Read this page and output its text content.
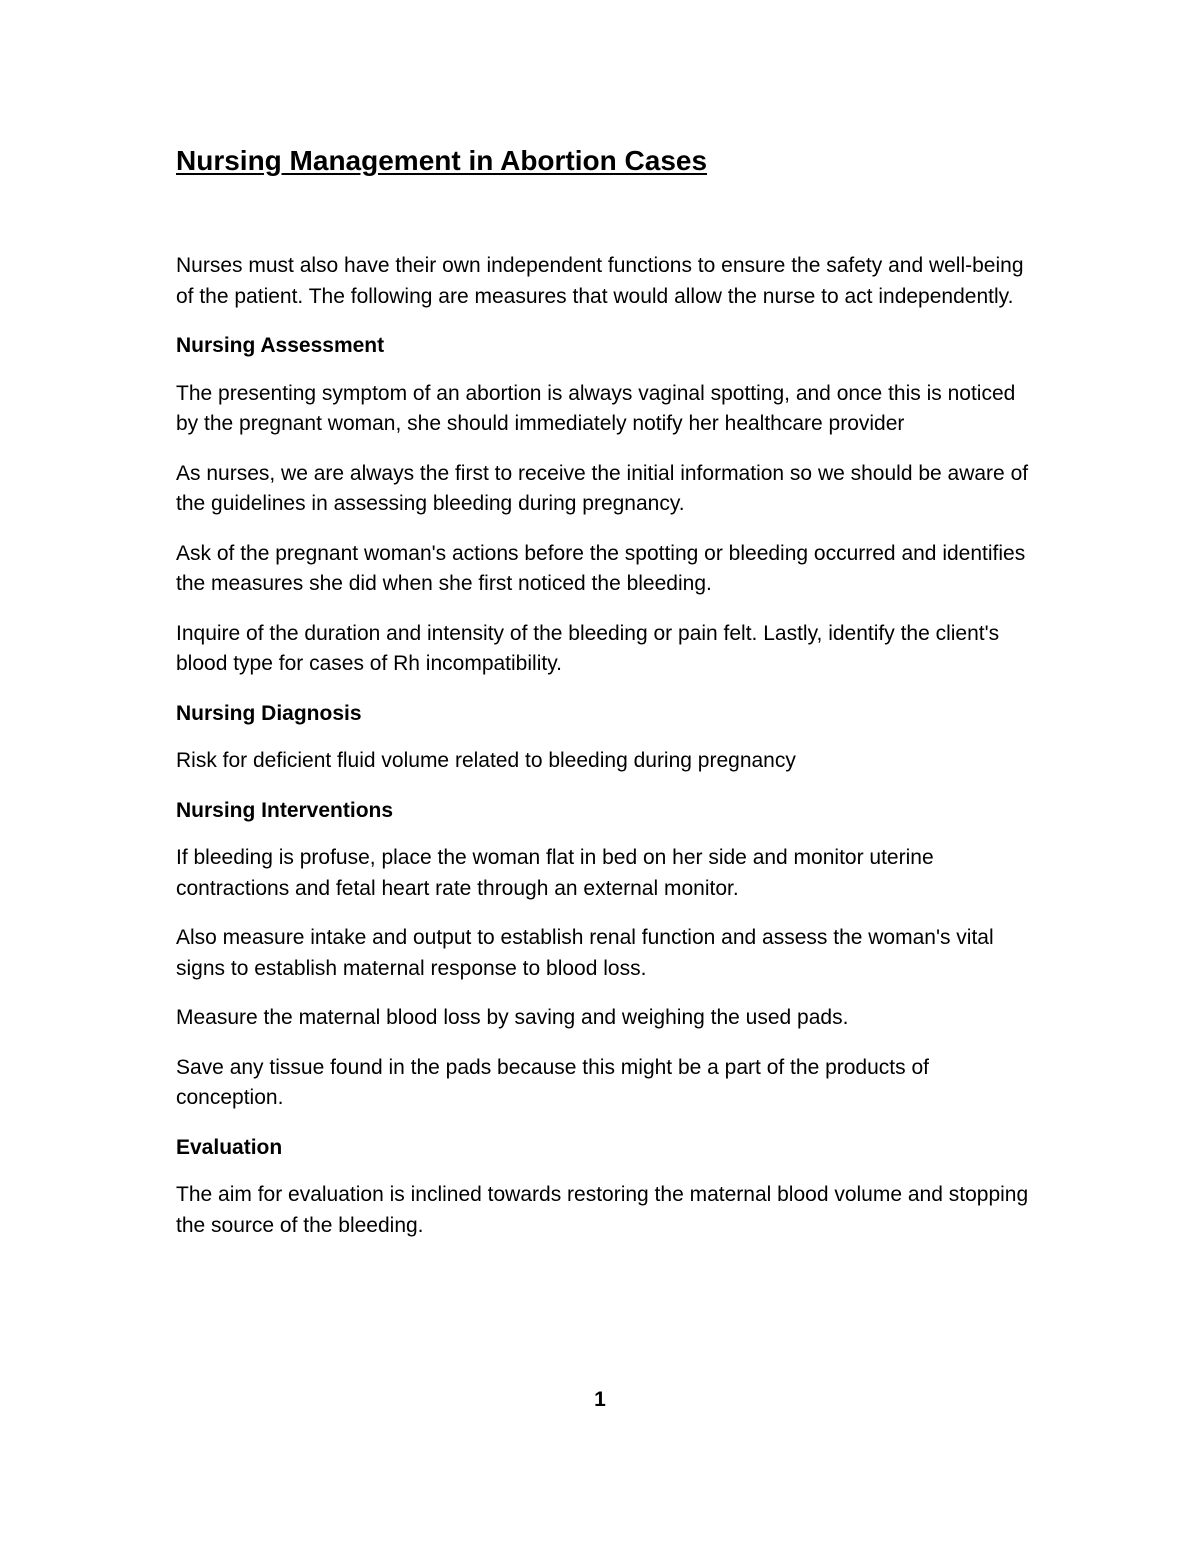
Nursing Management in Abortion Cases

Nurses must also have their own independent functions to ensure the safety and well-being of the patient. The following are measures that would allow the nurse to act independently.

Nursing Assessment

The presenting symptom of an abortion is always vaginal spotting, and once this is noticed by the pregnant woman, she should immediately notify her healthcare provider

As nurses, we are always the first to receive the initial information so we should be aware of the guidelines in assessing bleeding during pregnancy.

Ask of the pregnant woman's actions before the spotting or bleeding occurred and identifies the measures she did when she first noticed the bleeding.

Inquire of the duration and intensity of the bleeding or pain felt. Lastly, identify the client's blood type for cases of Rh incompatibility.

Nursing Diagnosis

Risk for deficient fluid volume related to bleeding during pregnancy

Nursing Interventions

If bleeding is profuse, place the woman flat in bed on her side and monitor uterine contractions and fetal heart rate through an external monitor.

Also measure intake and output to establish renal function and assess the woman's vital signs to establish maternal response to blood loss.

Measure the maternal blood loss by saving and weighing the used pads.

Save any tissue found in the pads because this might be a part of the products of conception.

Evaluation

The aim for evaluation is inclined towards restoring the maternal blood volume and stopping the source of the bleeding.

1
